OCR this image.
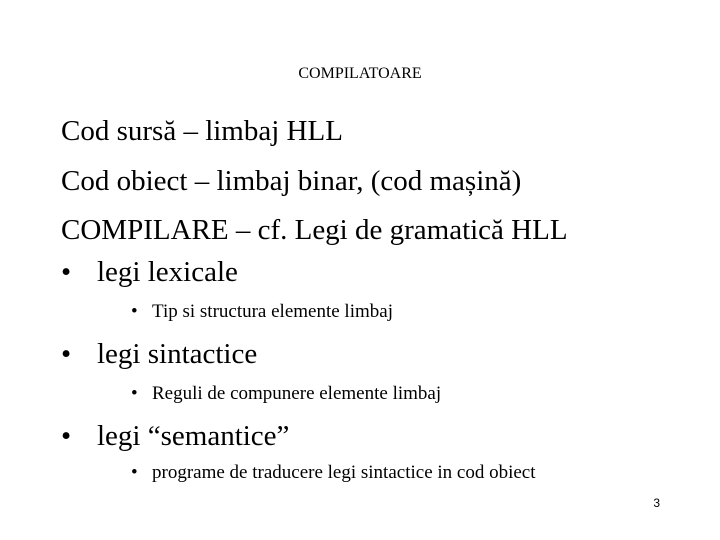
COMPILATOARE
Cod sursă – limbaj HLL
Cod obiect – limbaj binar, (cod mașină)
COMPILARE – cf. Legi de gramatică HLL
• legi lexicale
• Tip si structura elemente limbaj
• legi sintactice
• Reguli de compunere elemente limbaj
• legi “semantice”
• programe de traducere legi sintactice in cod obiect
3
